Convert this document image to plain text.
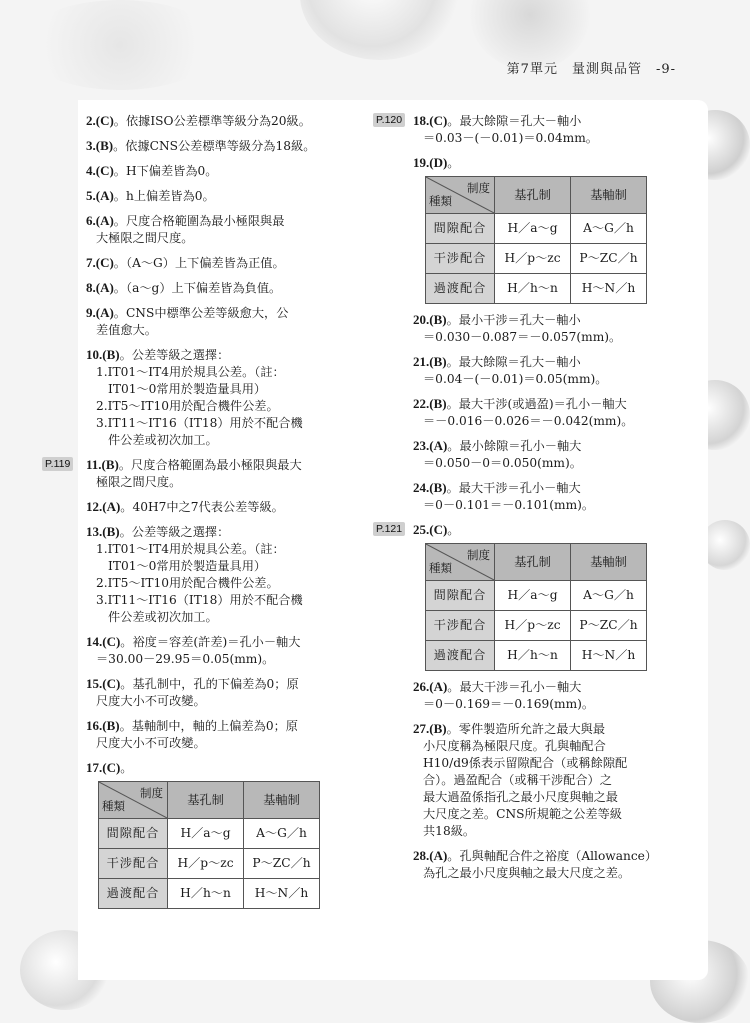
第7單元　量測與品管　-9-
2.(C)。依據ISO公差標準等級分為20級。
3.(B)。依據CNS公差標準等級分為18級。
4.(C)。H下偏差皆為0。
5.(A)。h上偏差皆為0。
6.(A)。尺度合格範圍為最小極限與最
大極限之間尺度。
7.(C)。（A～G）上下偏差皆為正值。
8.(A)。（a～g）上下偏差皆為負值。
9.(A)。CNS中標準公差等級愈大，公
差值愈大。
10.(B)。公差等級之選擇：
1.IT01～IT4用於規具公差。（註：
IT01～0常用於製造量具用）
2.IT5～IT10用於配合機件公差。
3.IT11～IT16（IT18）用於不配合機
件公差或初次加工。
P.119 11.(B)。尺度合格範圍為最小極限與最大
極限之間尺度。
12.(A)。40H7中之7代表公差等級。
13.(B)。公差等級之選擇：
1.IT01～IT4用於規具公差。（註：
IT01～0常用於製造量具用）
2.IT5～IT10用於配合機件公差。
3.IT11～IT16（IT18）用於不配合機
件公差或初次加工。
14.(C)。裕度＝容差(許差)＝孔小－軸大
＝30.00－29.95＝0.05(mm)。
15.(C)。基孔制中，孔的下偏差為0；原
尺度大小不可改變。
16.(B)。基軸制中，軸的上偏差為0；原
尺度大小不可改變。
17.(C)。
制度
種類	基孔制	基軸制
間隙配合	H／a～g	A～G／h
干涉配合	H／p～zc	P～ZC／h
過渡配合	H／h～n	H～N／h
P.120 18.(C)。最大餘隙＝孔大－軸小
＝0.03－(－0.01)＝0.04mm。
19.(D)。
制度
種類	基孔制	基軸制
間隙配合	H／a～g	A～G／h
干涉配合	H／p～zc	P～ZC／h
過渡配合	H／h～n	H～N／h
20.(B)。最小干涉＝孔大－軸小
＝0.030－0.087＝－0.057(mm)。
21.(B)。最大餘隙＝孔大－軸小
＝0.04－(－0.01)＝0.05(mm)。
22.(B)。最大干涉(或過盈)＝孔小－軸大
＝－0.016－0.026＝－0.042(mm)。
23.(A)。最小餘隙＝孔小－軸大
＝0.050－0＝0.050(mm)。
24.(B)。最大干涉＝孔小－軸大
＝0－0.101＝－0.101(mm)。
P.121 25.(C)。
制度
種類	基孔制	基軸制
間隙配合	H／a～g	A～G／h
干涉配合	H／p～zc	P～ZC／h
過渡配合	H／h～n	H～N／h
26.(A)。最大干涉＝孔小－軸大
＝0－0.169＝－0.169(mm)。
27.(B)。零件製造所允許之最大與最
小尺度稱為極限尺度。孔與軸配合
H10/d9係表示留隙配合（或稱餘隙配
合）。過盈配合（或稱干涉配合）之
最大過盈係指孔之最小尺度與軸之最
大尺度之差。CNS所規範之公差等級
共18級。
28.(A)。孔與軸配合件之裕度（Allowance）
為孔之最小尺度與軸之最大尺度之差。
